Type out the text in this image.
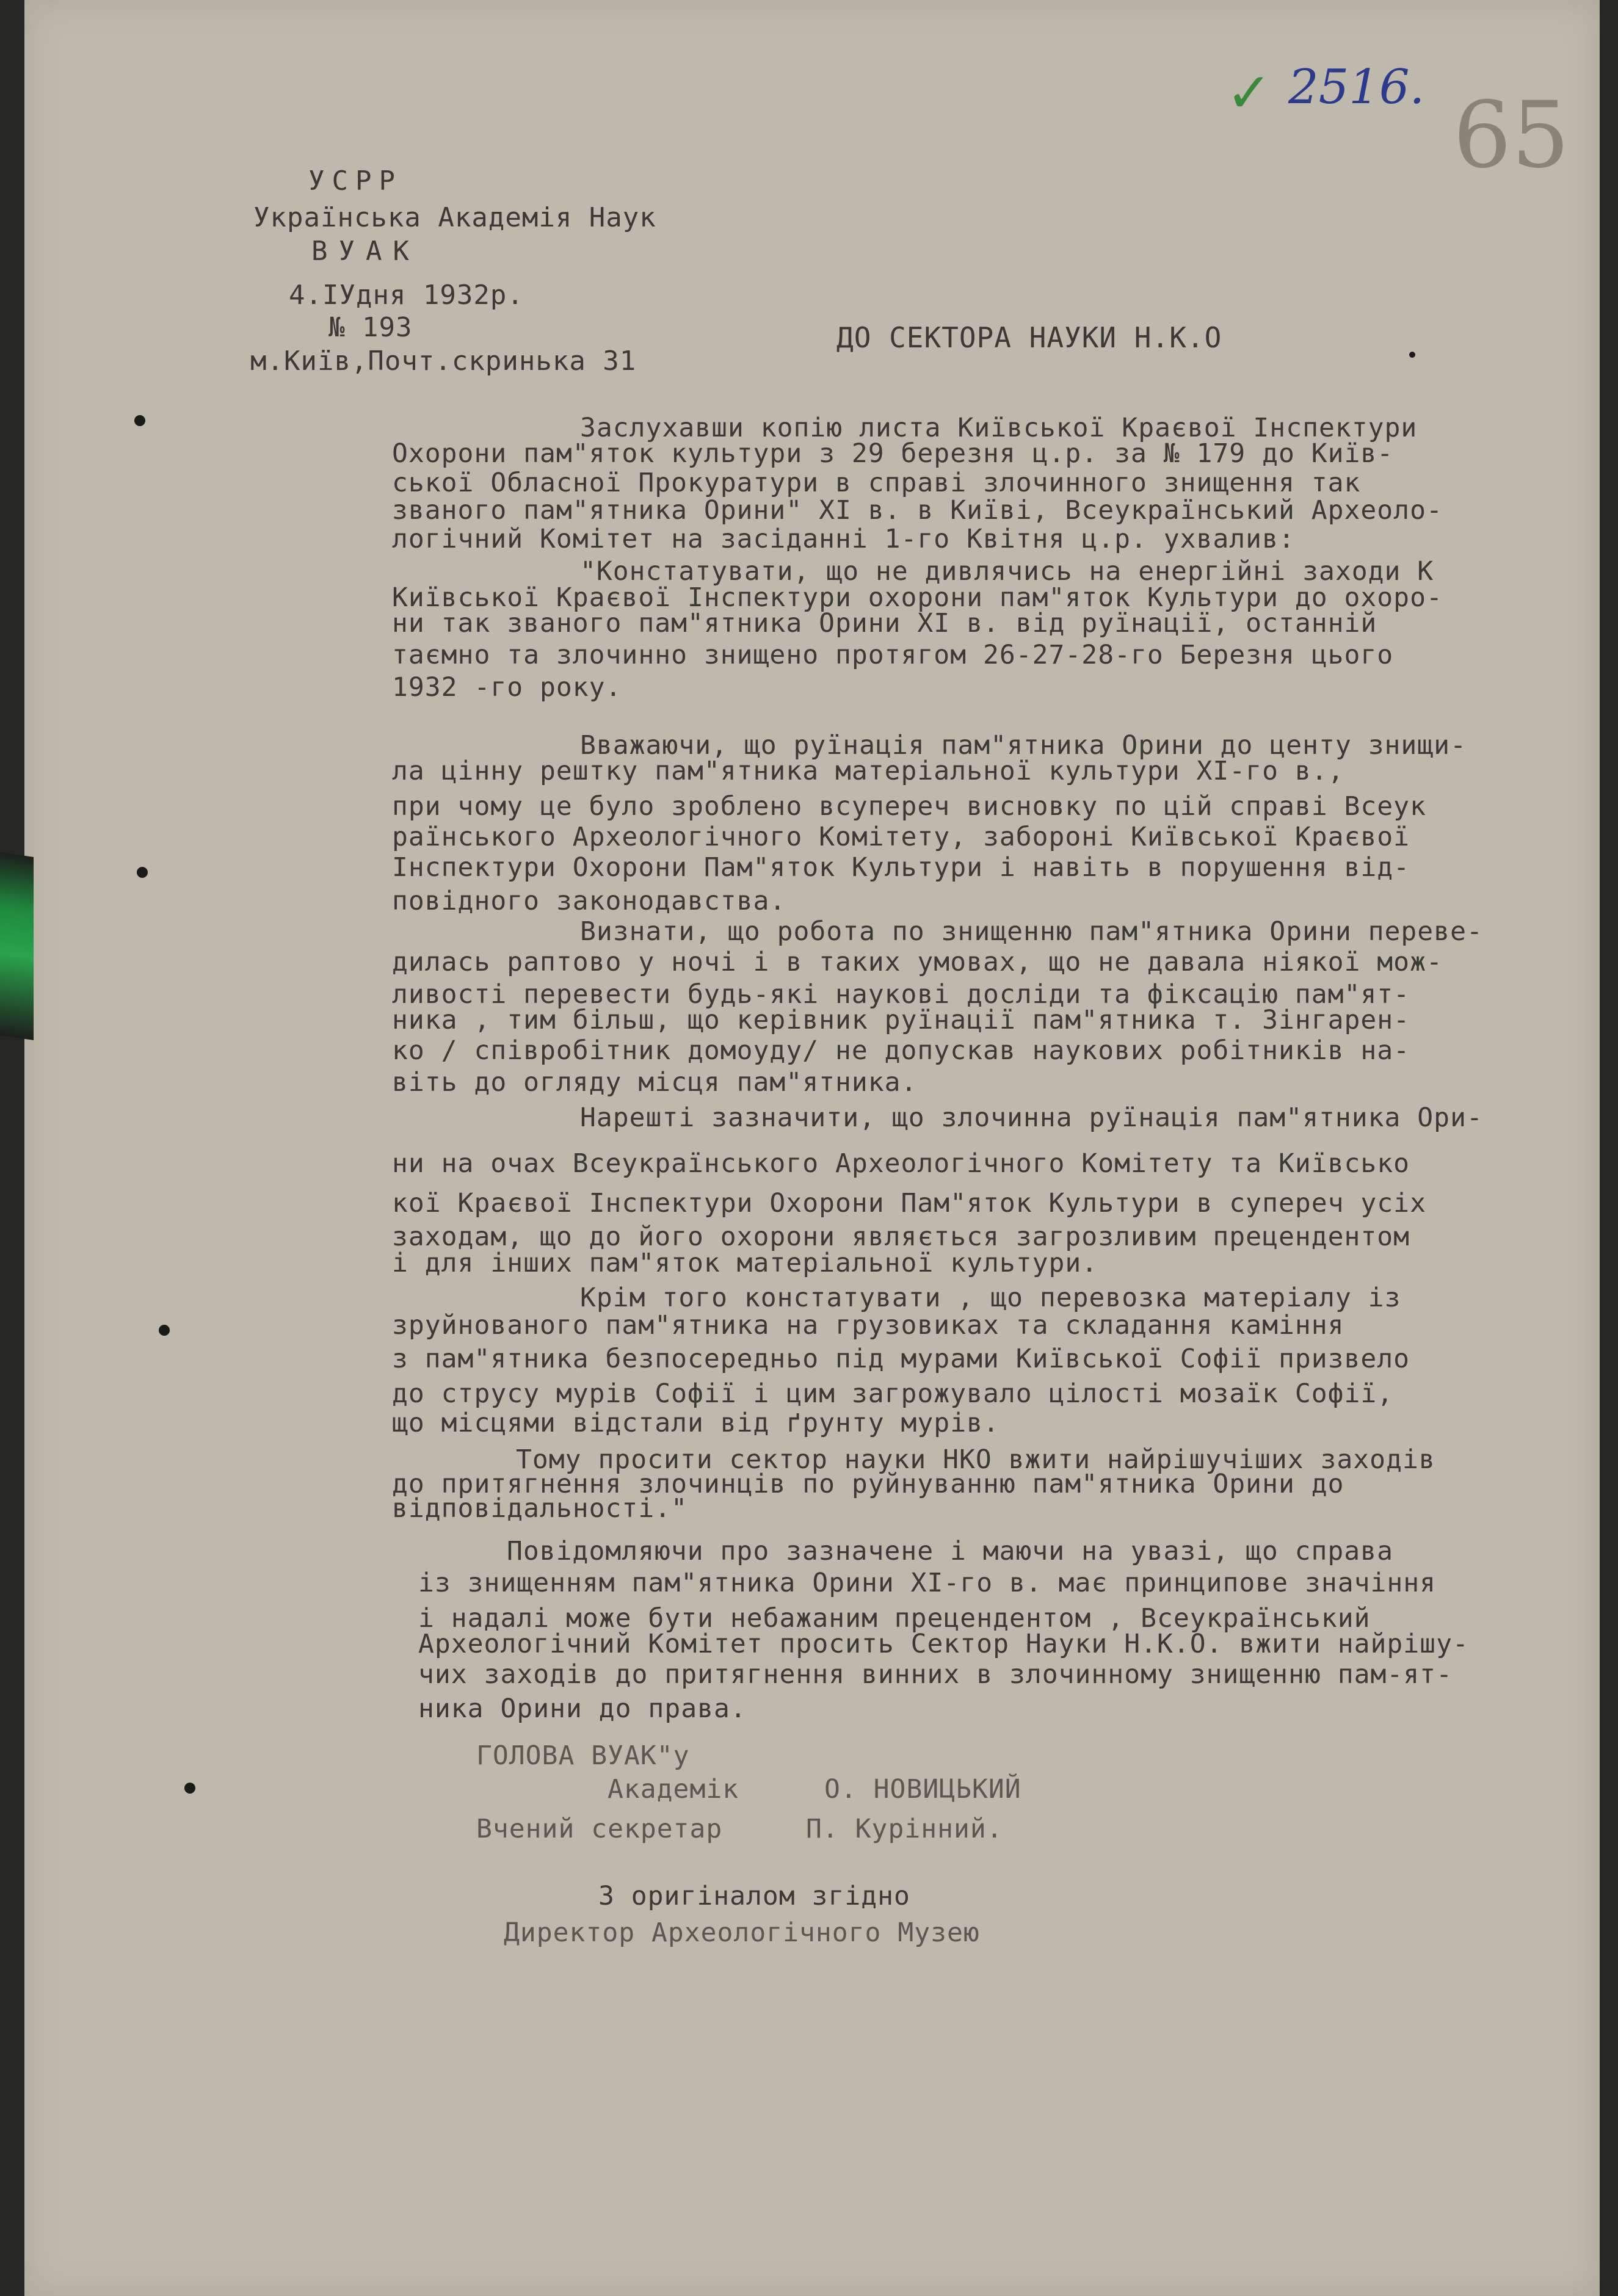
✓ 2516. 65
УСРР
Українська Академія Наук
ВУАК
4.IУдня 1932р.
№ 193
м.Київ,Почт.скринька 31
ДО СЕКТОРА НАУКИ Н.К.О
Заслухавши копію листа Київської Краєвої Інспектури
Охорони пам"яток культури з 29 березня ц.р. за № 179 до Київ-
ської Обласної Прокуратури в справі злочинного знищення так
званого пам"ятника Орини" XI в. в Київі, Всеукраїнський Археоло-
логічний Комітет на засіданні 1-го Квітня ц.р. ухвалив:
"Констатувати, що не дивлячись на енергійні заходи К
Київської Краєвої Інспектури охорони пам"яток Культури до охоро-
ни так званого пам"ятника Орини XI в. від руїнації, останній
таємно та злочинно знищено протягом 26-27-28-го Березня цього
1932 -го року.
Вважаючи, що руїнація пам"ятника Орини до центу знищи-
ла цінну рештку пам"ятника матеріальної культури XI-го в.,
при чому це було зроблено всупереч висновку по цій справі Всеук
раїнського Археологічного Комітету, забороні Київської Краєвої
Інспектури Охорони Пам"яток Культури і навіть в порушення від-
повідного законодавства.
Визнати, що робота по знищенню пам"ятника Орини переве-
дилась раптово у ночі і в таких умовах, що не давала ніякої мож-
ливості перевести будь-які наукові досліди та фіксацію пам"ят-
ника , тим більш, що керівник руїнації пам"ятника т. Зінгарен-
ко / співробітник домоуду/ не допускав наукових робітників на-
віть до огляду місця пам"ятника.
Нарешті зазначити, що злочинна руїнація пам"ятника Ори-
ни на очах Всеукраїнського Археологічного Комітету та Київсько
кої Краєвої Інспектури Охорони Пам"яток Культури в супереч усіх
заходам, що до його охорони являється загрозливим прецендентом
і для інших пам"яток матеріальної культури.
Крім того констатувати , що перевозка матеріалу із
зруйнованого пам"ятника на грузовиках та складання каміння
з пам"ятника безпосередньо під мурами Київської Софії призвело
до струсу мурів Софії і цим загрожувало цілості мозаїк Софії,
що місцями відстали від ґрунту мурів.
Тому просити сектор науки НКО вжити найрішучіших заходів
до притягнення злочинців по руйнуванню пам"ятника Орини до
відповідальності."
Повідомляючи про зазначене і маючи на увазі, що справа
із знищенням пам"ятника Орини XI-го в. має принципове значіння
і надалі може бути небажаним прецендентом , Всеукраїнський
Археологічний Комітет просить Сектор Науки Н.К.О. вжити найрішу-
чих заходів до притягнення винних в злочинному знищенню пам-ят-
ника Орини до права.
ГОЛОВА ВУАК"у
Академік	О. НОВИЦЬКИЙ
Вчений секретар	П. Курінний.
З оригіналом згідно
Директор Археологічного Музею
